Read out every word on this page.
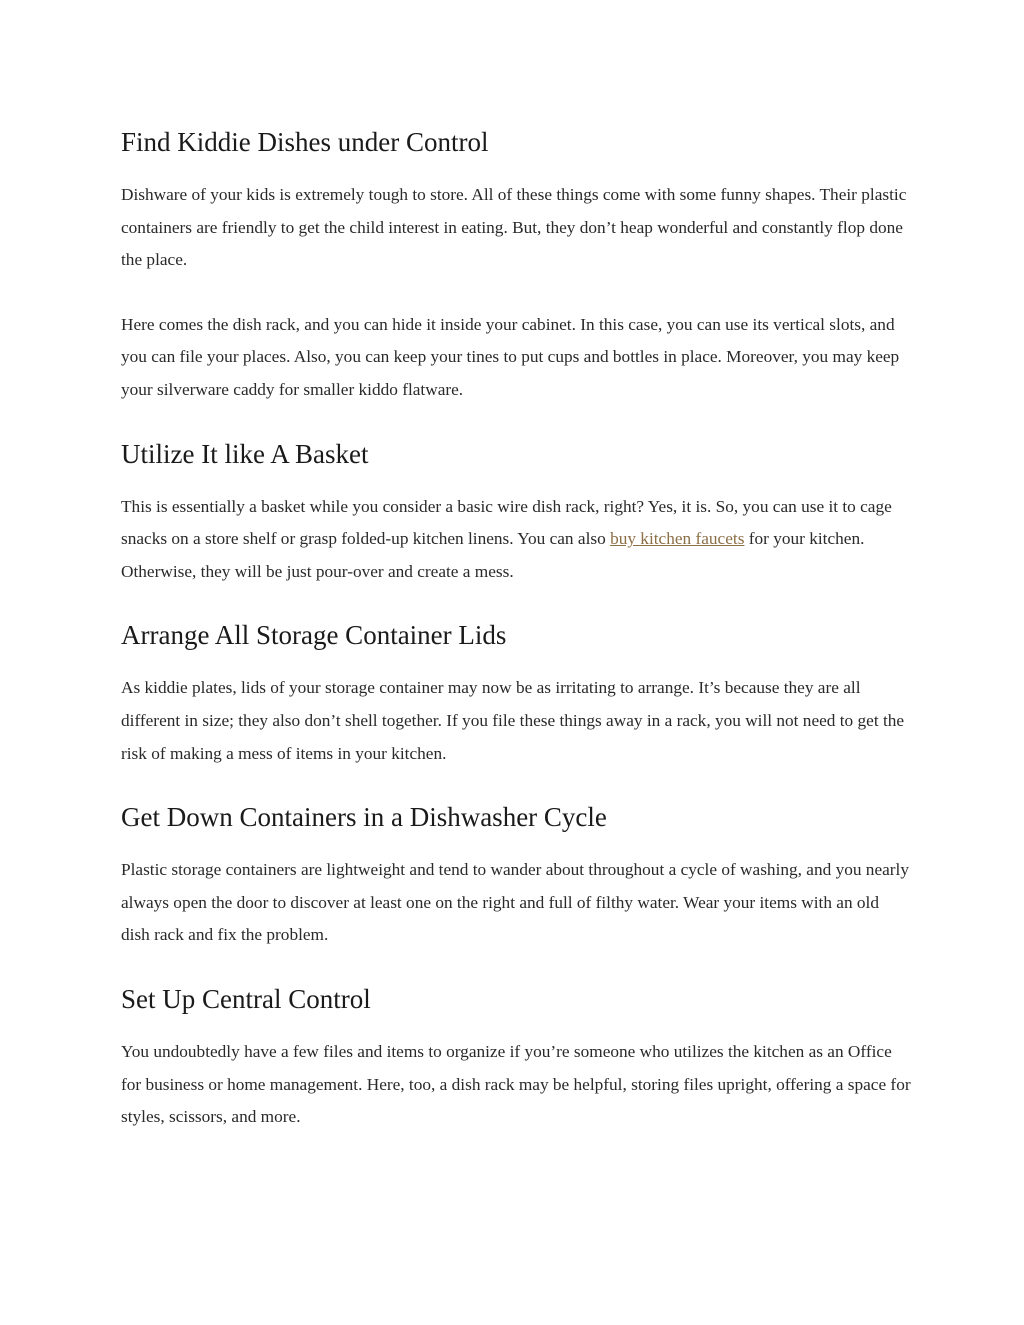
Find Kiddie Dishes under Control

Dishware of your kids is extremely tough to store. All of these things come with some funny shapes. Their plastic containers are friendly to get the child interest in eating. But, they don’t heap wonderful and constantly flop done the place.

Here comes the dish rack, and you can hide it inside your cabinet. In this case, you can use its vertical slots, and you can file your places. Also, you can keep your tines to put cups and bottles in place. Moreover, you may keep your silverware caddy for smaller kiddo flatware.

Utilize It like A Basket

This is essentially a basket while you consider a basic wire dish rack, right? Yes, it is. So, you can use it to cage snacks on a store shelf or grasp folded-up kitchen linens. You can also buy kitchen faucets for your kitchen. Otherwise, they will be just pour-over and create a mess.

Arrange All Storage Container Lids

As kiddie plates, lids of your storage container may now be as irritating to arrange. It’s because they are all different in size; they also don’t shell together. If you file these things away in a rack, you will not need to get the risk of making a mess of items in your kitchen.

Get Down Containers in a Dishwasher Cycle

Plastic storage containers are lightweight and tend to wander about throughout a cycle of washing, and you nearly always open the door to discover at least one on the right and full of filthy water. Wear your items with an old dish rack and fix the problem.

Set Up Central Control

You undoubtedly have a few files and items to organize if you’re someone who utilizes the kitchen as an Office for business or home management. Here, too, a dish rack may be helpful, storing files upright, offering a space for styles, scissors, and more.
